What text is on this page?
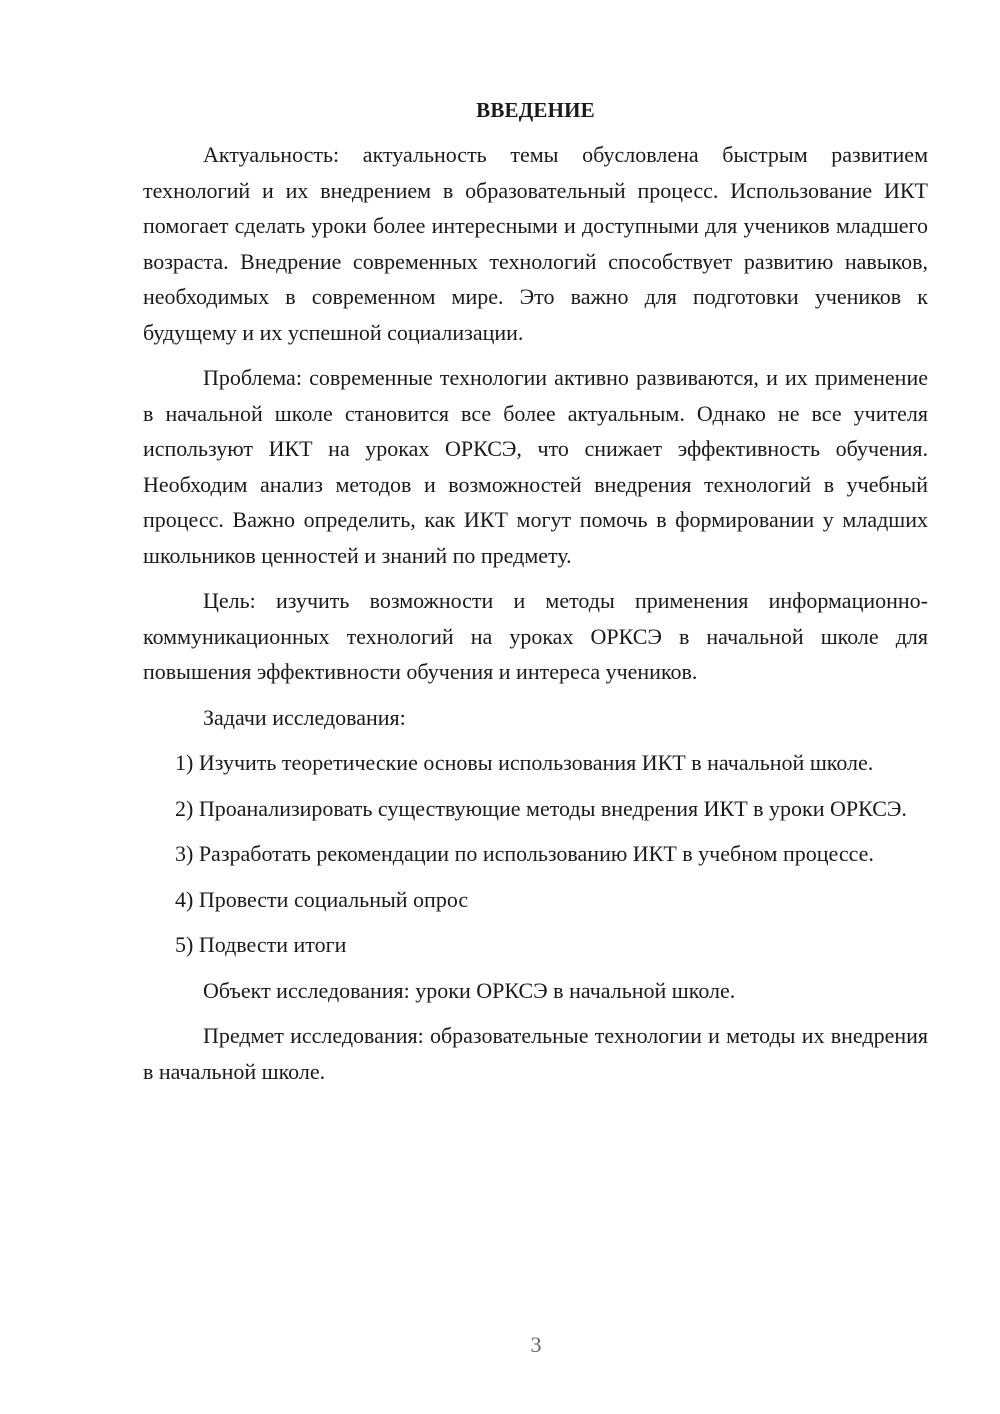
ВВЕДЕНИЕ

Актуальность: актуальность темы обусловлена быстрым развитием технологий и их внедрением в образовательный процесс. Использование ИКТ помогает сделать уроки более интересными и доступными для учеников младшего возраста. Внедрение современных технологий способствует развитию навыков, необходимых в современном мире. Это важно для подготовки учеников к будущему и их успешной социализации.

Проблема: современные технологии активно развиваются, и их применение в начальной школе становится все более актуальным. Однако не все учителя используют ИКТ на уроках ОРКСЭ, что снижает эффективность обучения. Необходим анализ методов и возможностей внедрения технологий в учебный процесс. Важно определить, как ИКТ могут помочь в формировании у младших школьников ценностей и знаний по предмету.

Цель: изучить возможности и методы применения информационно-коммуникационных технологий на уроках ОРКСЭ в начальной школе для повышения эффективности обучения и интереса учеников.

Задачи исследования:

1) Изучить теоретические основы использования ИКТ в начальной школе.

2) Проанализировать существующие методы внедрения ИКТ в уроки ОРКСЭ.

3) Разработать рекомендации по использованию ИКТ в учебном процессе.

4) Провести социальный опрос

5) Подвести итоги

Объект исследования: уроки ОРКСЭ в начальной школе.

Предмет исследования: образовательные технологии и методы их внедрения в начальной школе.

3
